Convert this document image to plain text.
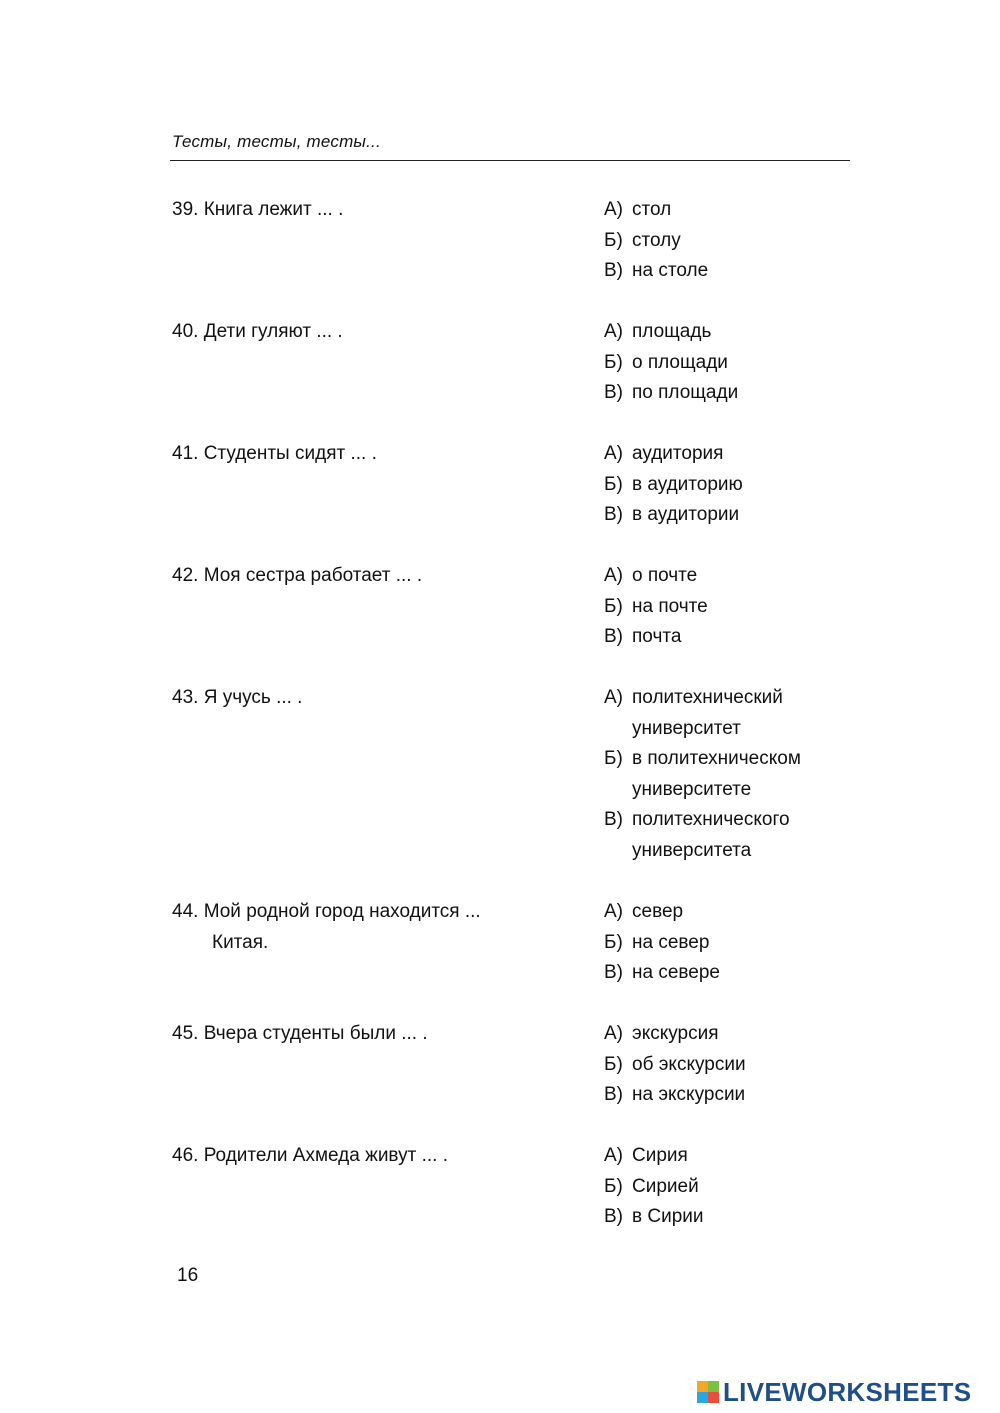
Тесты, тесты, тесты...
39. Книга лежит ... .	А) стол
Б) столу
В) на столе
40. Дети гуляют ... .	А) площадь
Б) о площади
В) по площади
41. Студенты сидят ... .	А) аудитория
Б) в аудиторию
В) в аудитории
42. Моя сестра работает ... .	А) о почте
Б) на почте
В) почта
43. Я учусь ... .	А) политехнический
университет
Б) в политехническом
университете
В) политехнического
университета
44. Мой родной город находится ...
Китая.
А) север
Б) на север
В) на севере
45. Вчера студенты были ... .	А) экскурсия
Б) об экскурсии
В) на экскурсии
46. Родители Ахмеда живут ... .	А) Сирия
Б) Сирией
В) в Сирии
16
LIVEWORKSHEETS
